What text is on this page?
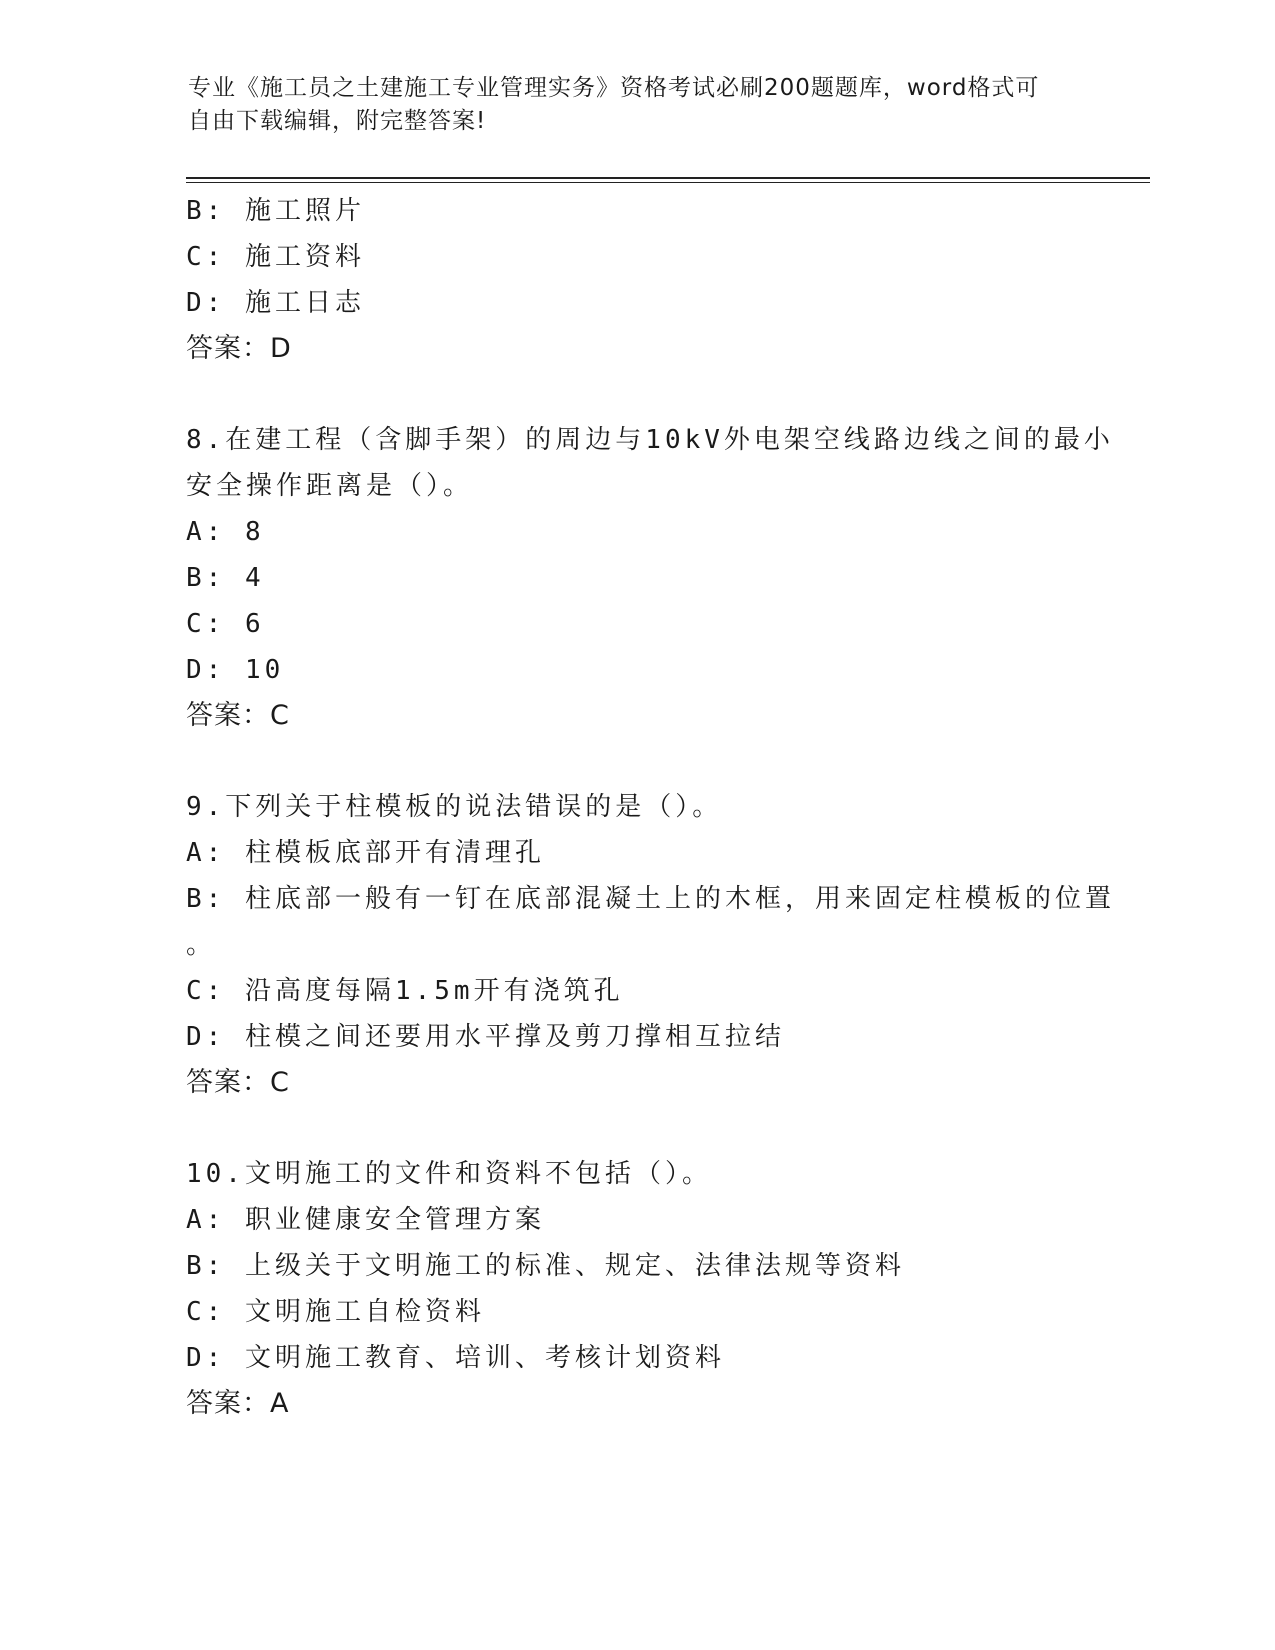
专业《施工员之土建施工专业管理实务》资格考试必刷200题题库，word格式可
自由下载编辑，附完整答案!
B: 施工照片
C: 施工资料
D: 施工日志
答案：D
8.在建工程（含脚手架）的周边与10kV外电架空线路边线之间的最小
安全操作距离是（）。
A: 8
B: 4
C: 6
D: 10
答案：C
9.下列关于柱模板的说法错误的是（）。
A: 柱模板底部开有清理孔
B: 柱底部一般有一钉在底部混凝土上的木框，用来固定柱模板的位置
。
C: 沿高度每隔1.5m开有浇筑孔
D: 柱模之间还要用水平撑及剪刀撑相互拉结
答案：C
10.文明施工的文件和资料不包括（）。
A: 职业健康安全管理方案
B: 上级关于文明施工的标准、规定、法律法规等资料
C: 文明施工自检资料
D: 文明施工教育、培训、考核计划资料
答案：A
